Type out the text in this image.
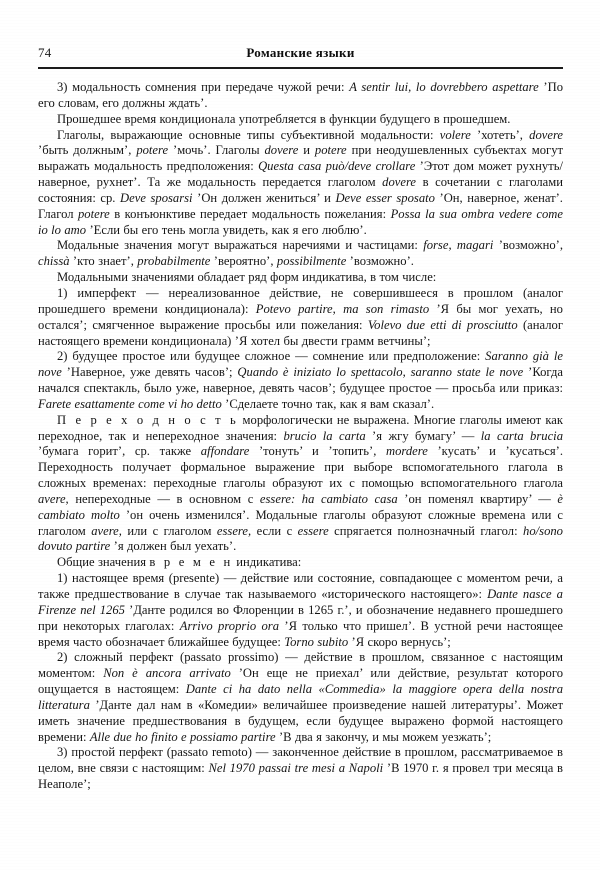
74	Романские языки

3) модальность сомнения при передаче чужой речи: A sentir lui, lo dovrebbero aspettare ’По его словам, его должны ждать’.

Прошедшее время кондиционала употребляется в функции будущего в прошедшем.

Глаголы, выражающие основные типы субъективной модальности: volere ’хотеть’, dovere ’быть должным’, potere ’мочь’. Глаголы dovere и potere при неодушевленных субъектах могут выражать модальность предположения: Questa casa può/deve crollare ’Этот дом может рухнуть/наверное, рухнет’. Та же модальность передается глаголом dovere в сочетании с глаголами состояния: ср. Deve sposarsi ’Он должен жениться’ и Deve esser sposato ’Он, наверное, женат’. Глагол potere в конъюнктиве передает модальность пожелания: Possa la sua ombra vedere come io lo amo ’Если бы его тень могла увидеть, как я его люблю’.

Модальные значения могут выражаться наречиями и частицами: forse, magari ’возможно’, chissà ’кто знает’, probabilmente ’вероятно’, possibilmente ’возможно’.

Модальными значениями обладает ряд форм индикатива, в том числе:

1) имперфект — нереализованное действие, не совершившееся в прошлом (аналог прошедшего времени кондиционала): Potevo partire, ma son rimasto ’Я бы мог уехать, но остался’; смягченное выражение просьбы или пожелания: Volevo due etti di prosciutto (аналог настоящего времени кондиционала) ’Я хотел бы двести грамм ветчины’;

2) будущее простое или будущее сложное — сомнение или предположение: Saranno già le nove ’Наверное, уже девять часов’; Quando è iniziato lo spettacolo, saranno state le nove ’Когда начался спектакль, было уже, наверное, девять часов’; будущее простое — просьба или приказ: Farete esattamente come vi ho detto ’Сделаете точно так, как я вам сказал’.

П е р е х о д н о с т ь морфологически не выражена. Многие глаголы имеют как переходное, так и непереходное значения: brucio la carta ’я жгу бумагу’ — la carta brucia ’бумага горит’, ср. также affondare ’тонуть’ и ’топить’, mordere ’кусать’ и ’кусаться’. Переходность получает формальное выражение при выборе вспомогательного глагола в сложных временах: переходные глаголы образуют их с помощью вспомогательного глагола avere, непереходные — в основном с essere: ha cambiato casa ’он поменял квартиру’ — è cambiato molto ’он очень изменился’. Модальные глаголы образуют сложные времена или с глаголом avere, или с глаголом essere, если с essere спрягается полнозначный глагол: ho/sono dovuto partire ’я должен был уехать’.

Общие значения в р е м е н индикатива:

1) настоящее время (presente) — действие или состояние, совпадающее с моментом речи, а также предшествование в случае так называемого «исторического настоящего»: Dante nasce a Firenze nel 1265 ’Данте родился во Флоренции в 1265 г.’, и обозначение недавнего прошедшего при некоторых глаголах: Arrivo proprio ora ’Я только что пришел’. В устной речи настоящее время часто обозначает ближайшее будущее: Torno subito ’Я скоро вернусь’;

2) сложный перфект (passato prossimo) — действие в прошлом, связанное с настоящим моментом: Non è ancora arrivato ’Он еще не приехал’ или действие, результат которого ощущается в настоящем: Dante ci ha dato nella «Commedia» la maggiore opera della nostra litteratura ’Данте дал нам в «Комедии» величайшее произведение нашей литературы’. Может иметь значение предшествования в будущем, если будущее выражено формой настоящего времени: Alle due ho finito e possiamo partire ’В два я закончу, и мы можем уезжать’;

3) простой перфект (passato remoto) — законченное действие в прошлом, рассматриваемое в целом, вне связи с настоящим: Nel 1970 passai tre mesi a Napoli ’В 1970 г. я провел три месяца в Неаполе’;
